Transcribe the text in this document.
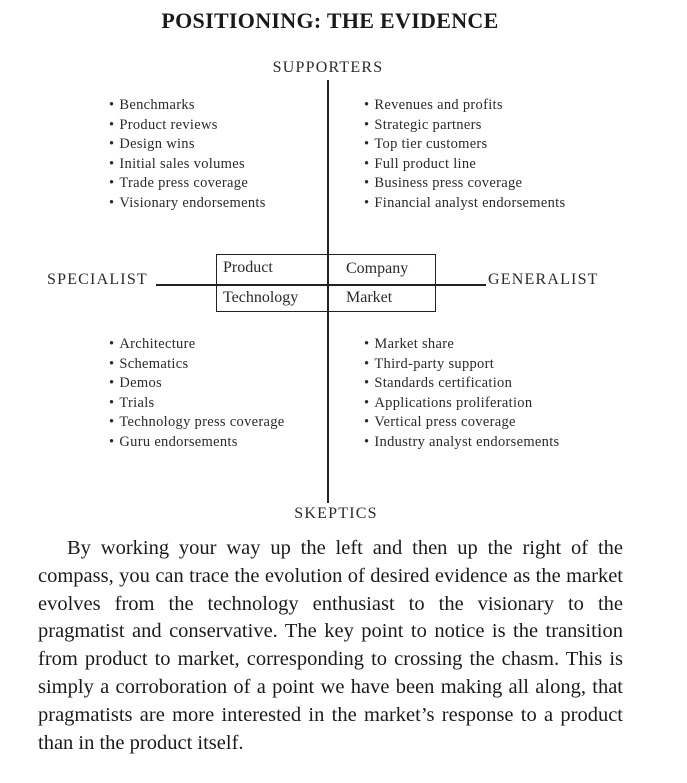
POSITIONING: THE EVIDENCE
SUPPORTERS
SKEPTICS
SPECIALIST	GENERALIST
Product	Company
Technology	Market
• Benchmarks
• Product reviews
• Design wins
• Initial sales volumes
• Trade press coverage
• Visionary endorsements
• Revenues and profits
• Strategic partners
• Top tier customers
• Full product line
• Business press coverage
• Financial analyst endorsements
• Architecture
• Schematics
• Demos
• Trials
• Technology press coverage
• Guru endorsements
• Market share
• Third-party support
• Standards certification
• Applications proliferation
• Vertical press coverage
• Industry analyst endorsements

By working your way up the left and then up the right of the compass, you can trace the evolution of desired evidence as the market evolves from the technology enthusiast to the visionary to the pragmatist and conservative. The key point to notice is the transition from product to market, corresponding to crossing the chasm. This is simply a corroboration of a point we have been making all along, that pragmatists are more interested in the market’s response to a product than in the product itself.
